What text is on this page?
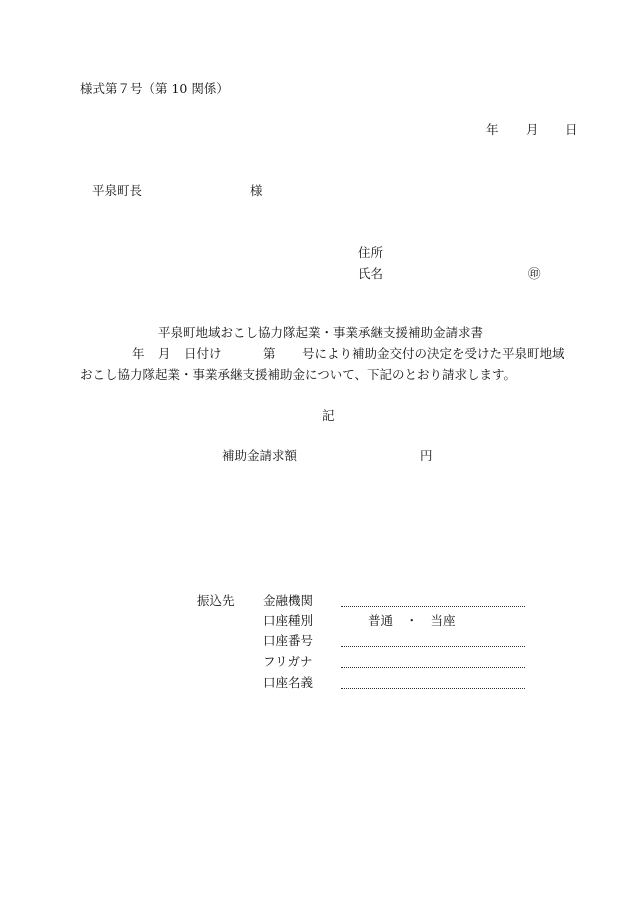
様式第７号（第 10 関係）
年 月 日
平泉町長	様
住所
氏名	㊞
平泉町地域おこし協力隊起業・事業承継支援補助金請求書
年 月 日付け	第 号により補助金交付の決定を受けた平泉町地域
おこし協力隊起業・事業承継支援補助金について、下記のとおり請求します。
記
補助金請求額	円
振込先 金融機関
口座種別	普通　・　当座
口座番号
フリガナ
口座名義
